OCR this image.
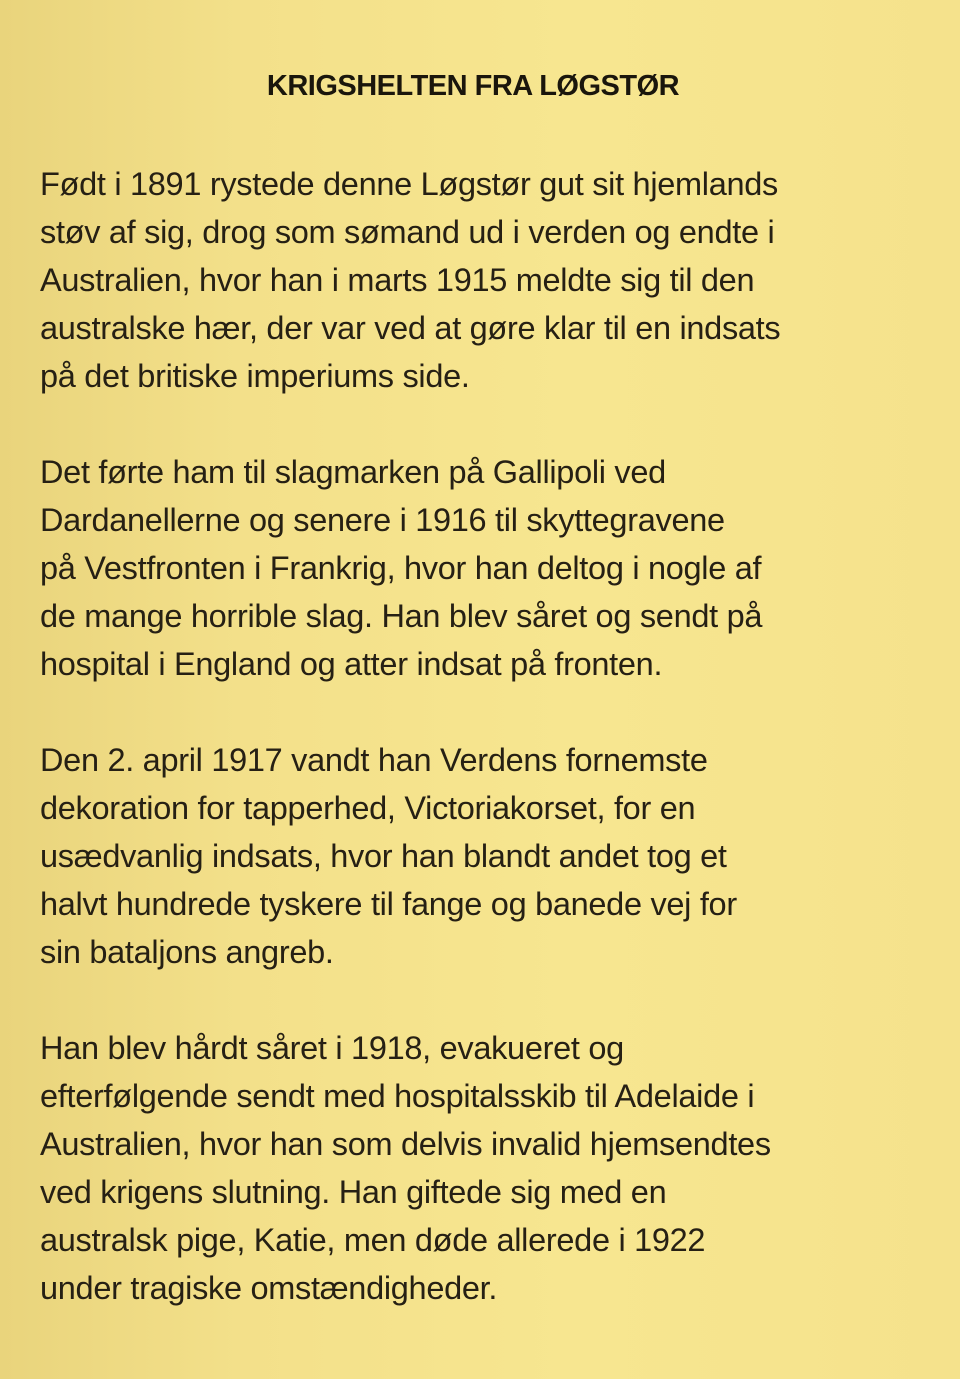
KRIGSHELTEN FRA LØGSTØR
Født i 1891 rystede denne Løgstør gut sit hjemlands
støv af sig, drog som sømand ud i verden og endte i
Australien, hvor han i marts 1915 meldte sig til den
australske hær, der var ved at gøre klar til en indsats
på det britiske imperiums side.
Det førte ham til slagmarken på Gallipoli ved
Dardanellerne og senere i 1916 til skyttegravene
på Vestfronten i Frankrig, hvor han deltog i nogle af
de mange horrible slag. Han blev såret og sendt på
hospital i England og atter indsat på fronten.
Den 2. april 1917 vandt han Verdens fornemste
dekoration for tapperhed, Victoriakorset, for en
usædvanlig indsats, hvor han blandt andet tog et
halvt hundrede tyskere til fange og banede vej for
sin bataljons angreb.
Han blev hårdt såret i 1918, evakueret og
efterfølgende sendt med hospitalsskib til Adelaide i
Australien, hvor han som delvis invalid hjemsendtes
ved krigens slutning. Han giftede sig med en
australsk pige, Katie, men døde allerede i 1922
under tragiske omstændigheder.
